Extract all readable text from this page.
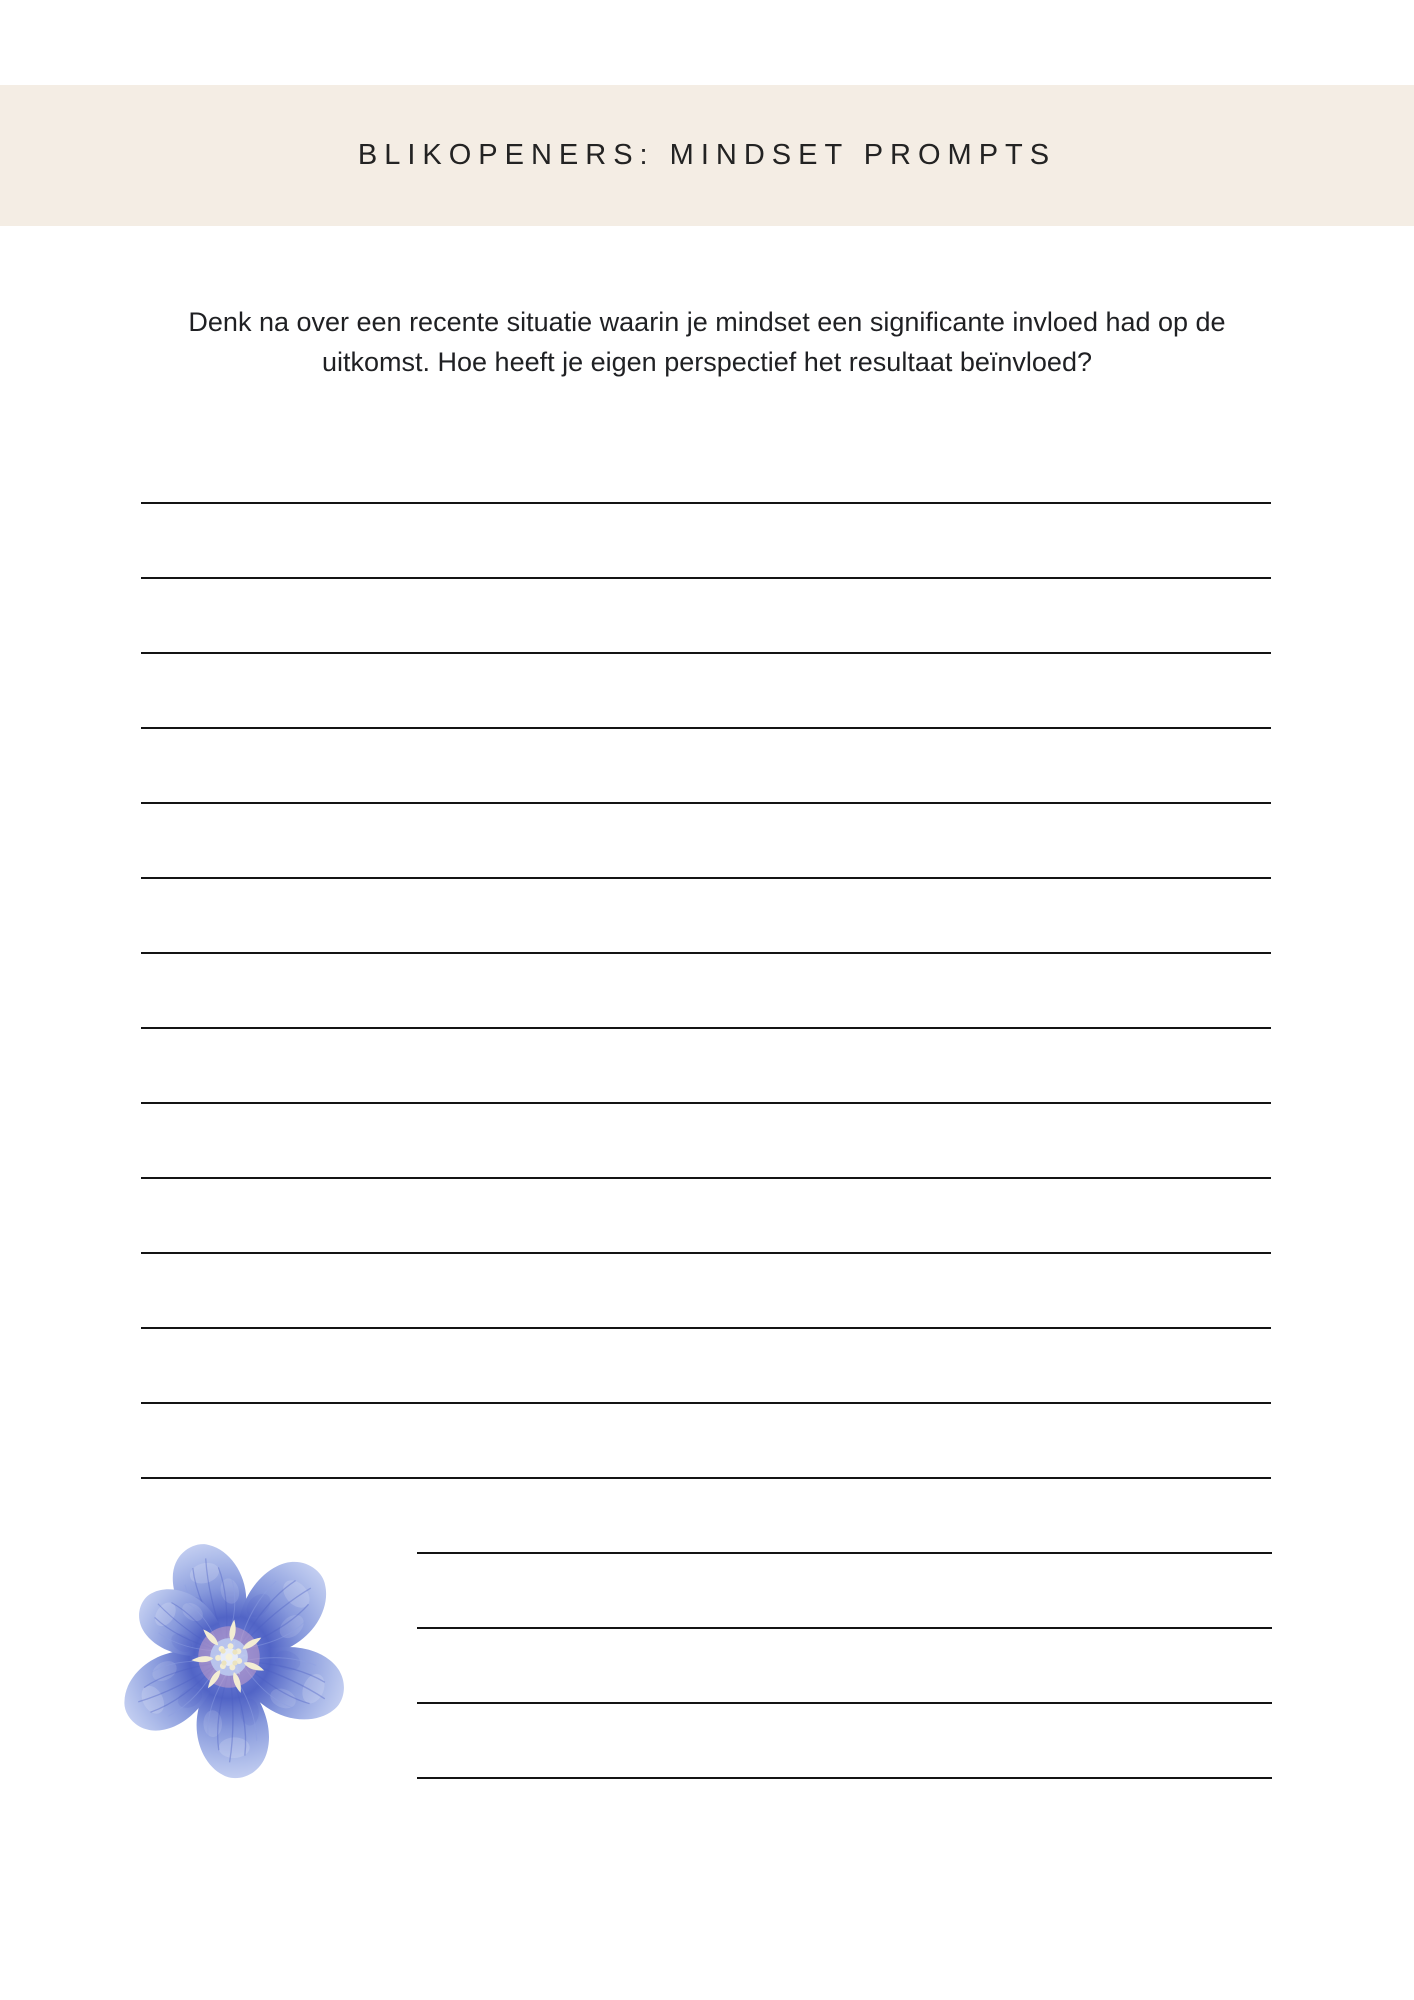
BLIKOPENERS: MINDSET PROMPTS
Denk na over een recente situatie waarin je mindset een significante invloed had op de
uitkomst. Hoe heeft je eigen perspectief het resultaat beïnvloed?
